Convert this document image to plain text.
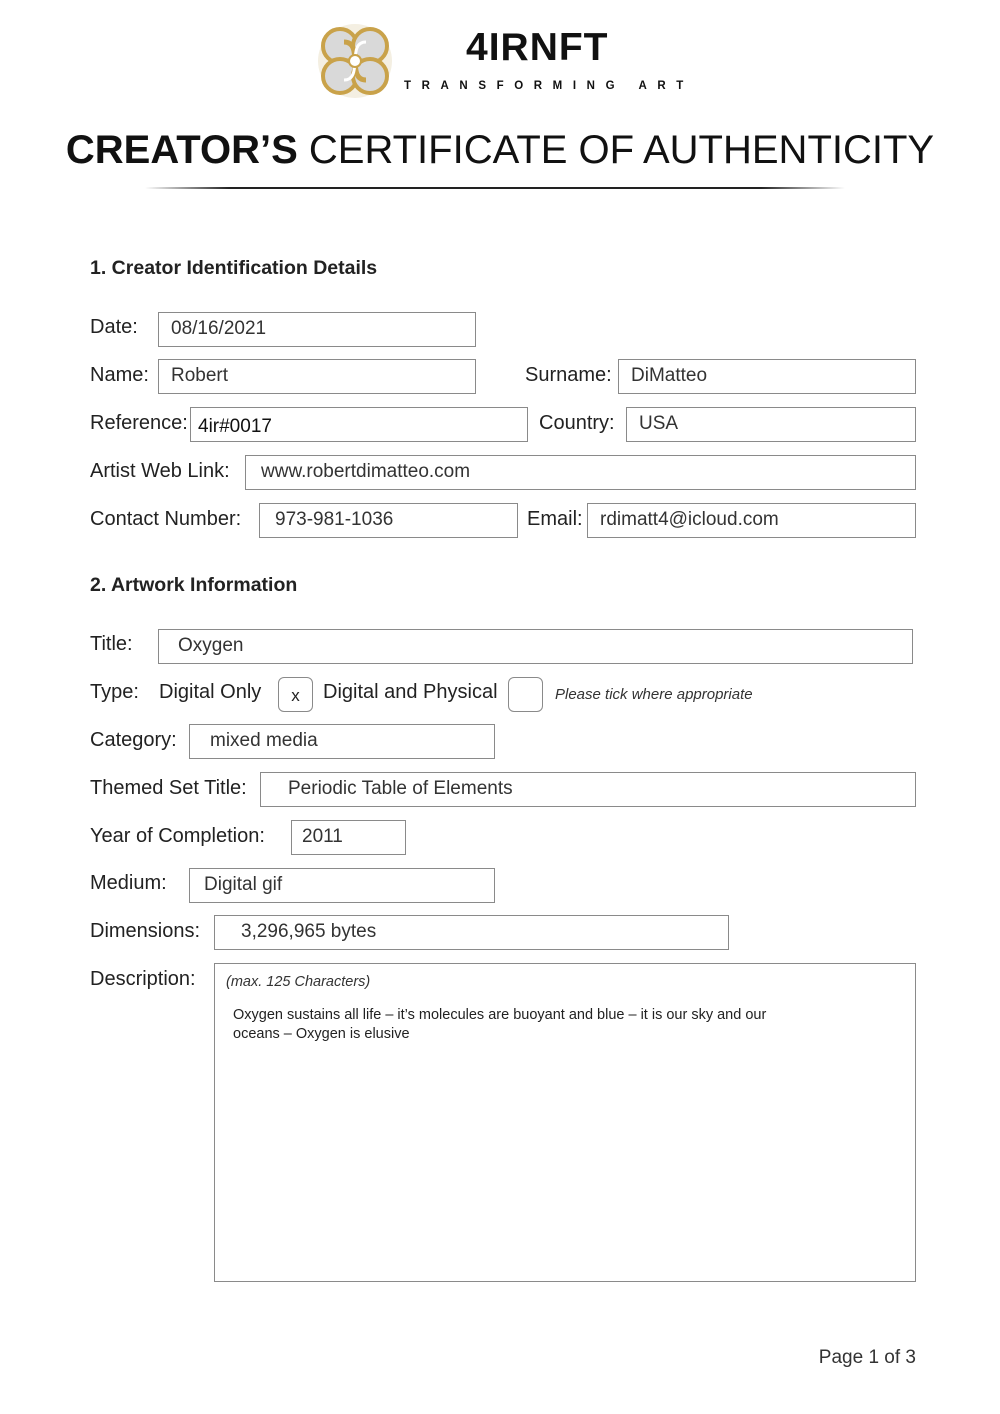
4IRNFT
TRANSFORMING ART
CREATOR’S CERTIFICATE OF AUTHENTICITY
1. Creator Identification Details
Date:	08/16/2021
Name:	Robert	Surname:	DiMatteo
Reference: 4ir#0017	Country:	USA
Artist Web Link:	www.robertdimatteo.com
Contact Number:	973-981-1036	Email: rdimatt4@icloud.com
2. Artwork Information
Title:	Oxygen
Type: Digital Only	x	Digital and Physical	Please tick where appropriate
Category:	mixed media
Themed Set Title:	Periodic Table of Elements
Year of Completion:	2011
Medium:	Digital gif
Dimensions:	3,296,965 bytes
Description: (max. 125 Characters)
Oxygen sustains all life – it’s molecules are buoyant and blue – it is our sky and our oceans – Oxygen is elusive
Page 1 of 3
